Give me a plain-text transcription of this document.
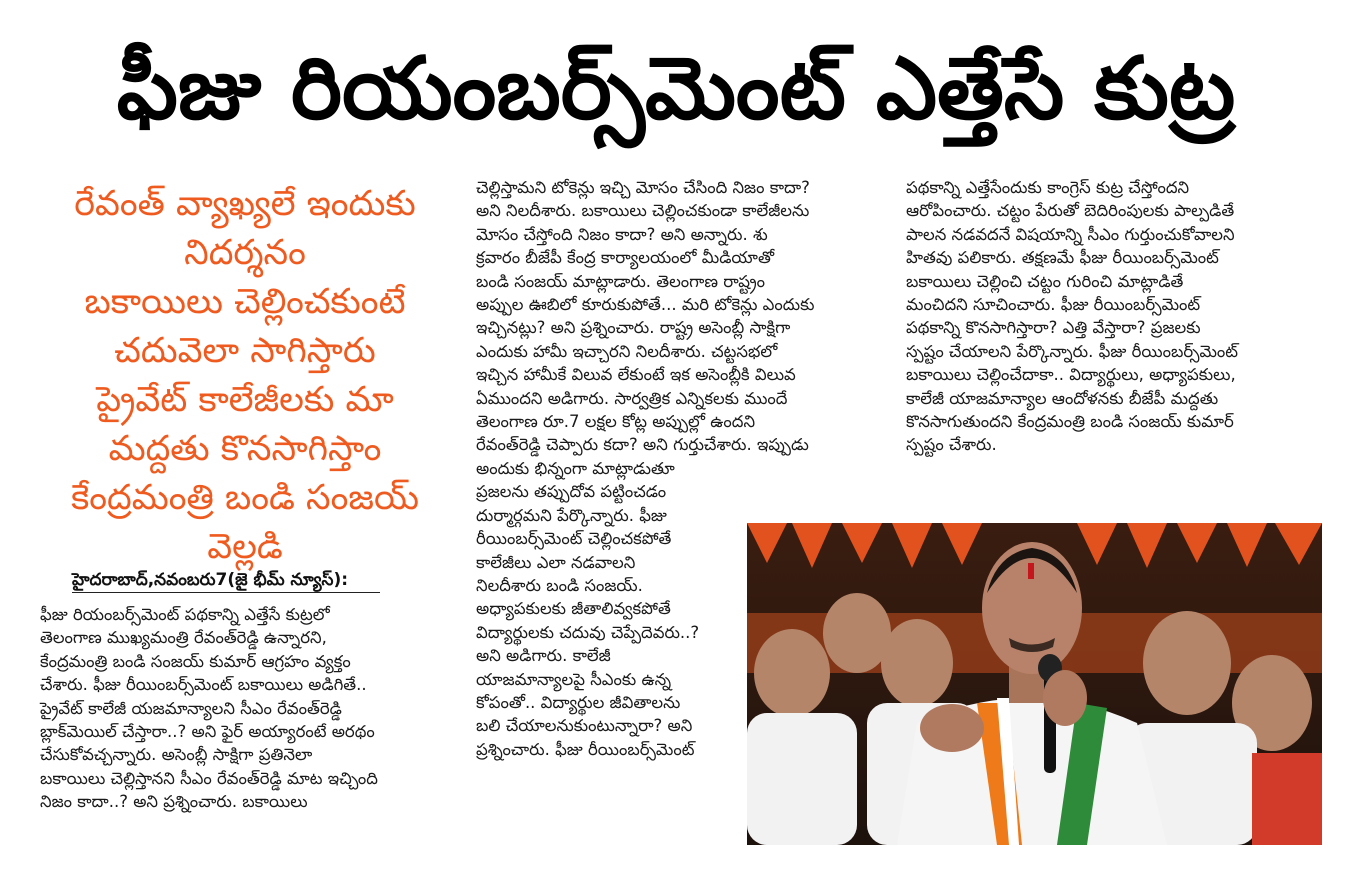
ఫీజు రియంబర్స్‌మెంట్ ఎత్తేసే కుట్ర

రేవంత్ వ్యాఖ్యలే ఇందుకు

నిదర్శనం

బకాయిలు చెల్లించకుంటే

చదువెలా సాగిస్తారు

ప్రైవేట్ కాలేజీలకు మా

మద్దతు కొనసాగిస్తాం

కేంద్రమంత్రి బండి సంజయ్

వెల్లడి

హైదరాబాద్,నవంబరు7(జై భీమ్ న్యూస్):

ఫీజు రియంబర్స్‌మెంట్ పథకాన్ని ఎత్తేసే కుట్రలో

తెలంగాణ ముఖ్యమంత్రి రేవంత్‌రెడ్డి ఉన్నారని,

కేంద్రమంత్రి బండి సంజయ్ కుమార్ ఆగ్రహం వ్యక్తం

చేశారు. ఫీజు రీయింబర్స్‌మెంట్ బకాయిలు అడిగితే..

ప్రైవేట్ కాలేజీ యజమాన్యాలని సీఎం రేవంత్‌రెడ్డి

బ్లాక్‌మెయిల్ చేస్తారా..? అని ఫైర్ అయ్యారంటే అరథం

చేసుకోవచ్చన్నారు. అసెంబ్లీ సాక్షిగా ప్రతినెలా

బకాయిలు చెల్లిస్తానని సీఎం రేవంత్‌రెడ్డి మాట ఇచ్చింది

నిజం కాదా..? అని ప్రశ్నించారు. బకాయిలు

చెల్లిస్తామని టోకెన్లు ఇచ్చి మోసం చేసింది నిజం కాదా?

అని నిలదీశారు. బకాయిలు చెల్లించకుండా కాలేజీలను

మోసం చేస్తోంది నిజం కాదా? అని అన్నారు. శు

క్రవారం బీజేపీ కేంద్ర కార్యాలయంలో మీడియాతో

బండి సంజయ్ మాట్లాడారు. తెలంగాణ రాష్ట్రం

అప్పుల ఊబిలో కూరుకుపోతే... మరి టోకెన్లు ఎందుకు

ఇచ్చినట్లు? అని ప్రశ్నించారు. రాష్ట్ర అసెంబ్లీ సాక్షిగా

ఎందుకు హామీ ఇచ్చారని నిలదీశారు. చట్టసభలో

ఇచ్చిన హామీకే విలువ లేకుంటే ఇక అసెంబ్లీకి విలువ

ఏముందని అడిగారు. సార్వత్రిక ఎన్నికలకు ముందే

తెలంగాణ రూ.7 లక్షల కోట్ల అప్పుల్లో ఉందని

రేవంత్‌రెడ్డి చెప్పారు కదా? అని గుర్తుచేశారు. ఇప్పుడు

అందుకు భిన్నంగా మాట్లాడుతూ

ప్రజలను తప్పుదోవ పట్టించడం

దుర్మార్గమని పేర్కొన్నారు. ఫీజు

రీయింబర్స్‌మెంట్ చెల్లించకపోతే

కాలేజీలు ఎలా నడవాలని

నిలదీశారు బండి సంజయ్.

అధ్యాపకులకు జీతాలివ్వకపోతే

విద్యార్థులకు చదువు చెప్పేదెవరు..?

అని అడిగారు. కాలేజీ

యాజమాన్యాలపై సీఎంకు ఉన్న

కోపంతో.. విద్యార్థుల జీవితాలను

బలి చేయాలనుకుంటున్నారా? అని

ప్రశ్నించారు. ఫీజు రీయింబర్స్‌మెంట్

పథకాన్ని ఎత్తేసేందుకు కాంగ్రెస్ కుట్ర చేస్తోందని

ఆరోపించారు. చట్టం పేరుతో బెదిరింపులకు పాల్పడితే

పాలన నడవదనే విషయాన్ని సీఎం గుర్తుంచుకోవాలని

హితవు పలికారు. తక్షణమే ఫీజు రీయింబర్స్‌మెంట్

బకాయిలు చెల్లించి చట్టం గురించి మాట్లాడితే

మంచిదని సూచించారు. ఫీజు రీయింబర్స్‌మెంట్

పథకాన్ని కొనసాగిస్తారా? ఎత్తి వేస్తారా? ప్రజలకు

స్పష్టం చేయాలని పేర్కొన్నారు. ఫీజు రీయింబర్స్‌మెంట్

బకాయిలు చెల్లించేదాకా.. విద్యార్థులు, అధ్యాపకులు,

కాలేజీ యాజమాన్యాల ఆందోళనకు బీజేపీ మద్దతు

కొనసాగుతుందని కేంద్రమంత్రి బండి సంజయ్ కుమార్

స్పష్టం చేశారు.
